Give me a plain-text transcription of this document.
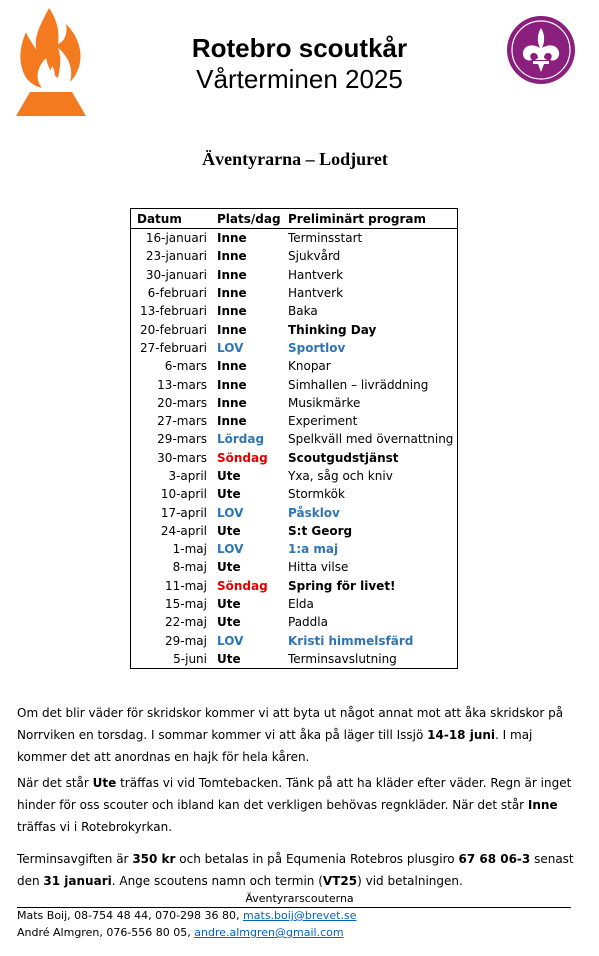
Rotebro scoutkår
Vårterminen 2025
Äventyrarna – Lodjuret
Datum	Plats/dag	Preliminärt program
16-januari	Inne	Terminsstart
23-januari	Inne	Sjukvård
30-januari	Inne	Hantverk
6-februari	Inne	Hantverk
13-februari	Inne	Baka
20-februari	Inne	Thinking Day
27-februari	LOV	Sportlov
6-mars	Inne	Knopar
13-mars	Inne	Simhallen – livräddning
20-mars	Inne	Musikmärke
27-mars	Inne	Experiment
29-mars	Lördag	Spelkväll med övernattning
30-mars	Söndag	Scoutgudstjänst
3-april	Ute	Yxa, såg och kniv
10-april	Ute	Stormkök
17-april	LOV	Påsklov
24-april	Ute	S:t Georg
1-maj	LOV	1:a maj
8-maj	Ute	Hitta vilse
11-maj	Söndag	Spring för livet!
15-maj	Ute	Elda
22-maj	Ute	Paddla
29-maj	LOV	Kristi himmelsfärd
5-juni	Ute	Terminsavslutning
Om det blir väder för skridskor kommer vi att byta ut något annat mot att åka skridskor på Norrviken en torsdag. I sommar kommer vi att åka på läger till Issjö 14-18 juni. I maj kommer det att anordnas en hajk för hela kåren.
När det står Ute träffas vi vid Tomtebacken. Tänk på att ha kläder efter väder. Regn är inget hinder för oss scouter och ibland kan det verkligen behövas regnkläder. När det står Inne träffas vi i Rotebrokyrkan.
Terminsavgiften är 350 kr och betalas in på Equmenia Rotebros plusgiro 67 68 06-3 senast den 31 januari. Ange scoutens namn och termin (VT25) vid betalningen.
Äventyrarscouterna
Mats Boij, 08-754 48 44, 070-298 36 80, mats.boij@brevet.se
André Almgren, 076-556 80 05, andre.almgren@gmail.com
